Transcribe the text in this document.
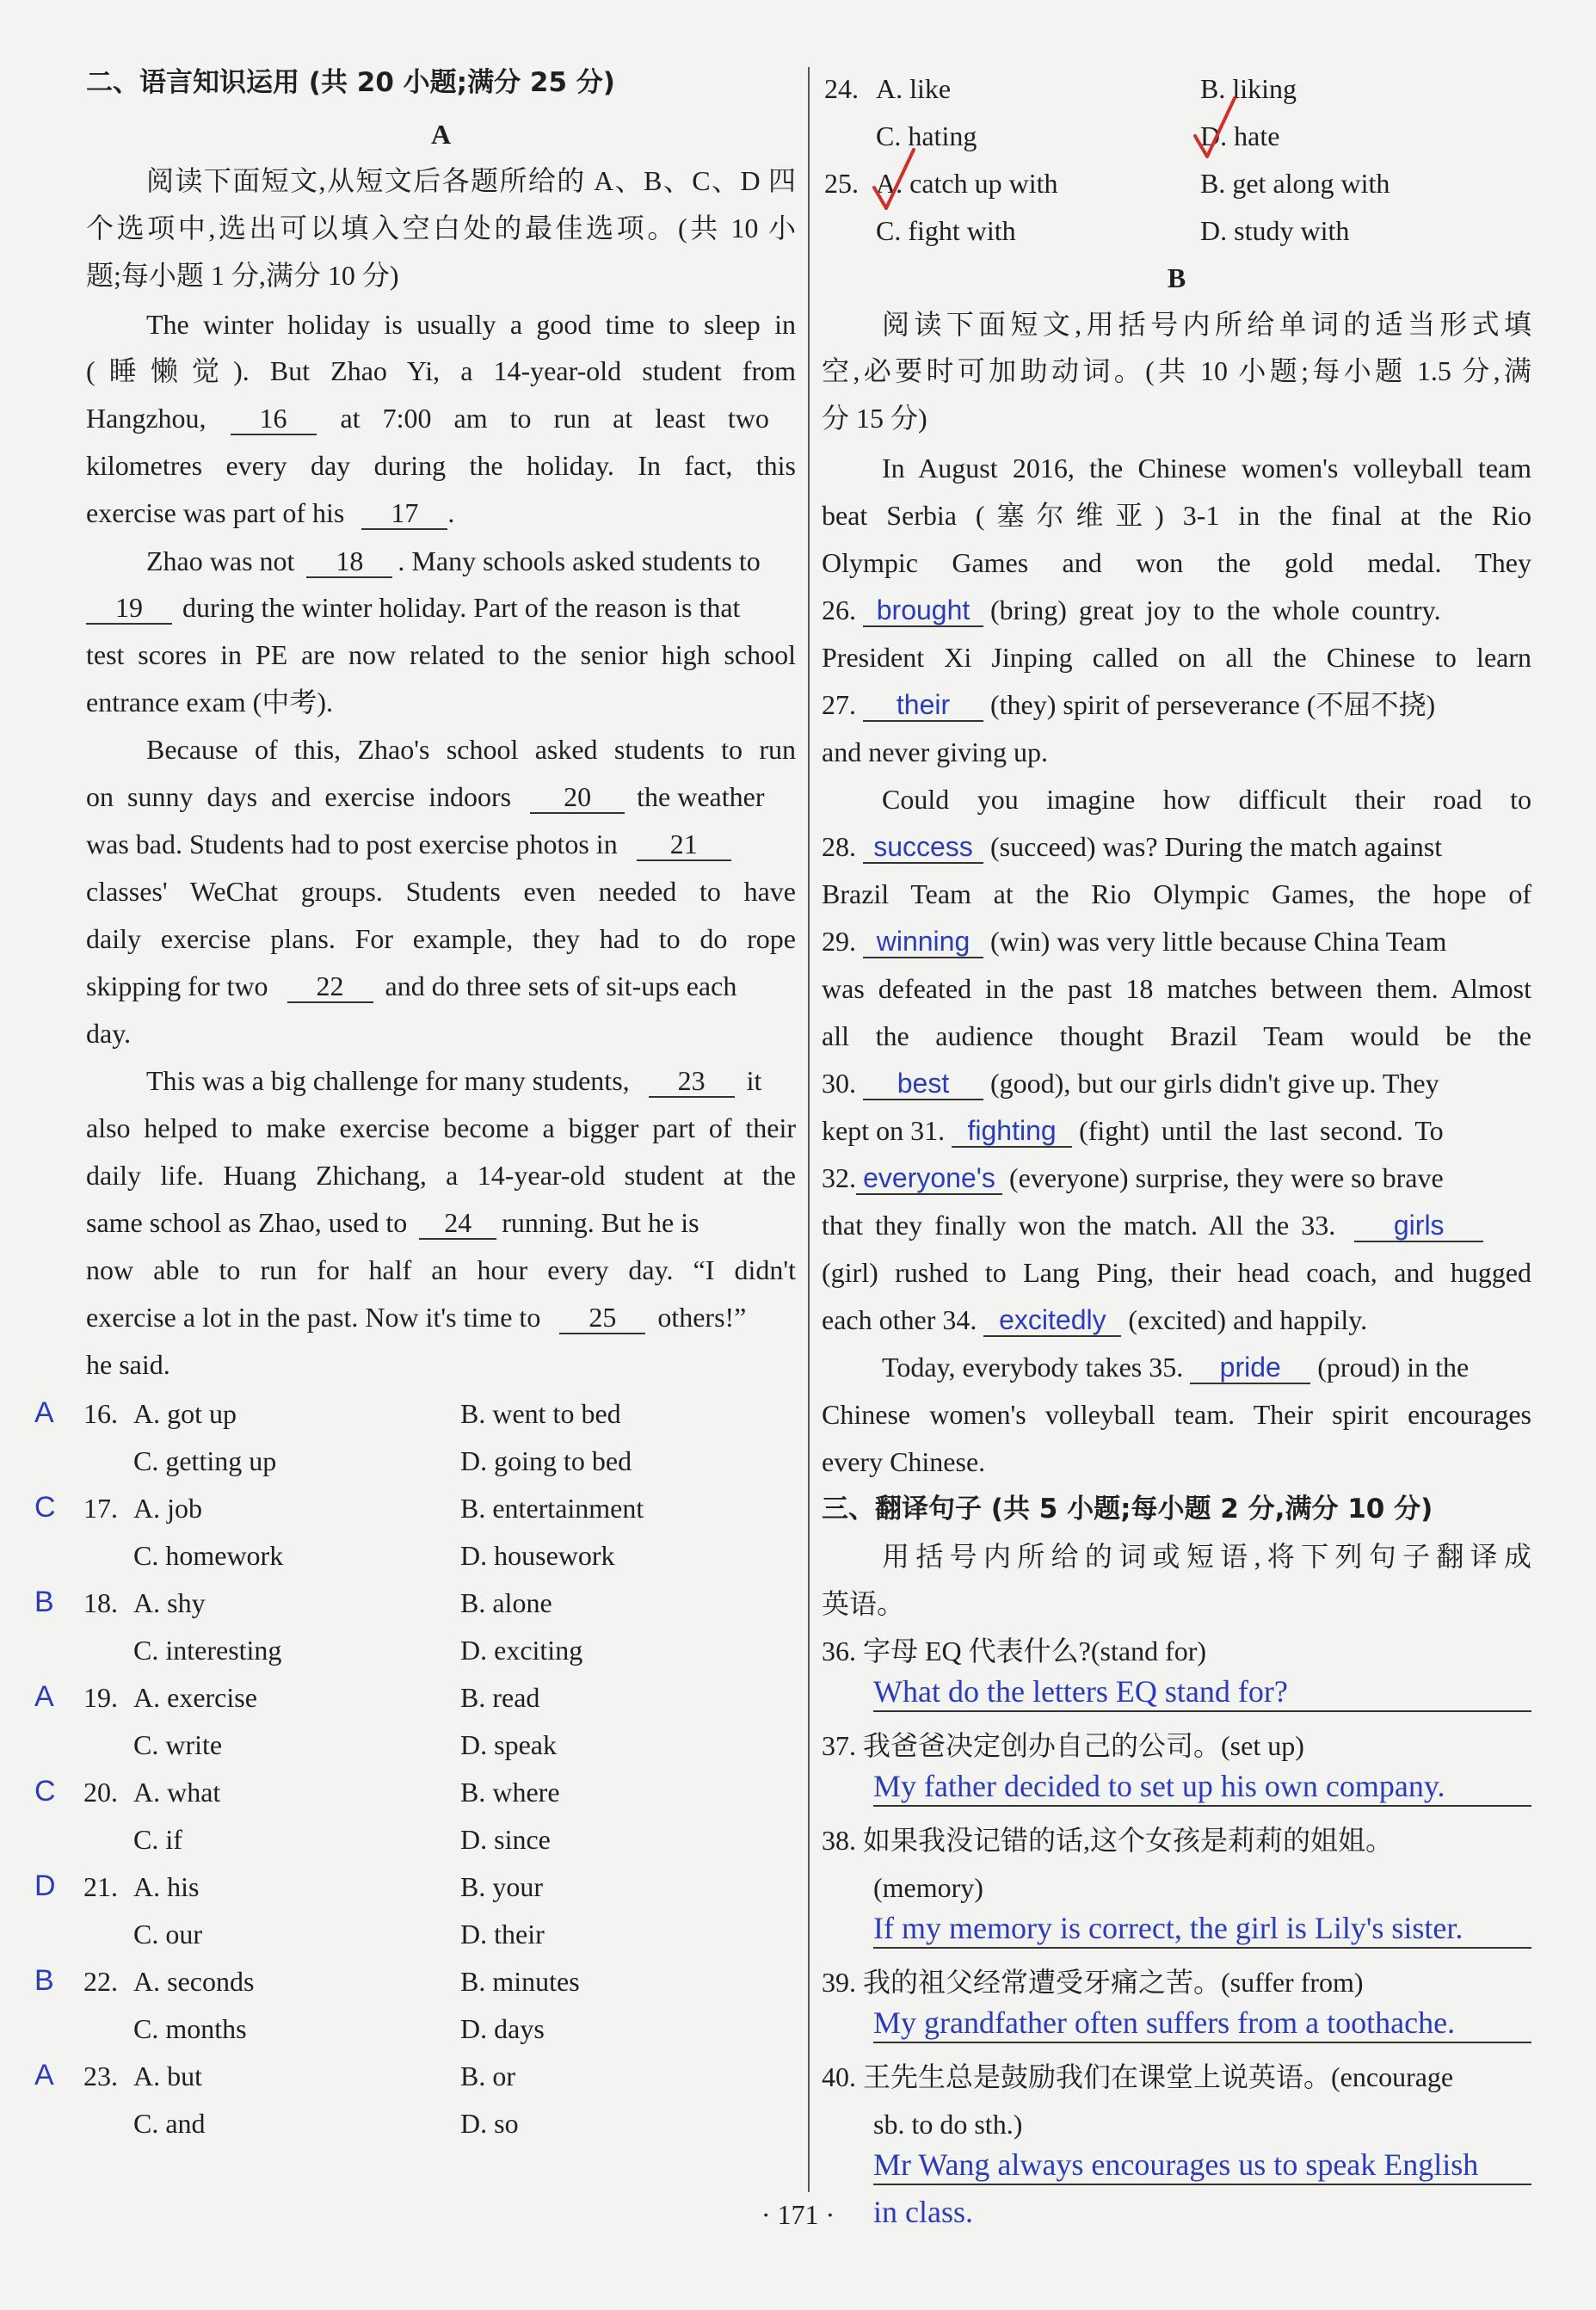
二、语言知识运用 (共 20 小题;满分 25 分)
A
阅读下面短文,从短文后各题所给的 A、B、C、D 四
个选项中,选出可以填入空白处的最佳选项。(共 10 小
题;每小题 1 分,满分 10 分)
The winter holiday is usually a good time to sleep in
(睡懒觉). But Zhao Yi, a 14-year-old student from
Hangzhou, 16 at 7:00 am to run at least two
kilometres every day during the holiday. In fact, this
exercise was part of his 17 .
Zhao was not 18 . Many schools asked students to
19 during the winter holiday. Part of the reason is that
test scores in PE are now related to the senior high school
entrance exam (中考).
Because of this, Zhao's school asked students to run
on sunny days and exercise indoors 20 the weather
was bad. Students had to post exercise photos in 21
classes' WeChat groups. Students even needed to have
daily exercise plans. For example, they had to do rope
skipping for two 22 and do three sets of sit-ups each
day.
This was a big challenge for many students, 23 it
also helped to make exercise become a bigger part of their
daily life. Huang Zhichang, a 14-year-old student at the
same school as Zhao, used to 24 running. But he is
now able to run for half an hour every day. “I didn't
exercise a lot in the past. Now it's time to 25 others!”
he said.
A 16. A. got up	B. went to bed
C. getting up	D. going to bed
C 17. A. job	B. entertainment
C. homework	D. housework
B 18. A. shy	B. alone
C. interesting	D. exciting
A 19. A. exercise	B. read
C. write	D. speak
C 20. A. what	B. where
C. if	D. since
D 21. A. his	B. your
C. our	D. their
B 22. A. seconds	B. minutes
C. months	D. days
A 23. A. but	B. or
C. and	D. so
24. A. like	B. liking
C. hating	D. hate
25. A. catch up with	B. get along with
C. fight with	D. study with
B
阅读下面短文,用括号内所给单词的适当形式填
空,必要时可加助动词。(共 10 小题;每小题 1.5 分,满
分 15 分)
In August 2016, the Chinese women's volleyball team
beat Serbia (塞尔维亚) 3-1 in the final at the Rio
Olympic Games and won the gold medal. They
26. brought (bring) great joy to the whole country.
President Xi Jinping called on all the Chinese to learn
27. their (they) spirit of perseverance (不屈不挠)
and never giving up.
Could you imagine how difficult their road to
28. success (succeed) was? During the match against
Brazil Team at the Rio Olympic Games, the hope of
29. winning (win) was very little because China Team
was defeated in the past 18 matches between them. Almost
all the audience thought Brazil Team would be the
30. best (good), but our girls didn't give up. They
kept on 31. fighting (fight) until the last second. To
32. everyone's (everyone) surprise, they were so brave
that they finally won the match. All the 33. girls
(girl) rushed to Lang Ping, their head coach, and hugged
each other 34. excitedly (excited) and happily.
Today, everybody takes 35. pride (proud) in the
Chinese women's volleyball team. Their spirit encourages
every Chinese.
三、翻译句子 (共 5 小题;每小题 2 分,满分 10 分)
用括号内所给的词或短语,将下列句子翻译成
英语。
36. 字母 EQ 代表什么?(stand for)
What do the letters EQ stand for?
37. 我爸爸决定创办自己的公司。(set up)
My father decided to set up his own company.
38. 如果我没记错的话,这个女孩是莉莉的姐姐。
(memory)
If my memory is correct, the girl is Lily's sister.
39. 我的祖父经常遭受牙痛之苦。(suffer from)
My grandfather often suffers from a toothache.
40. 王先生总是鼓励我们在课堂上说英语。(encourage
sb. to do sth.)
Mr Wang always encourages us to speak English
in class.
· 171 ·
